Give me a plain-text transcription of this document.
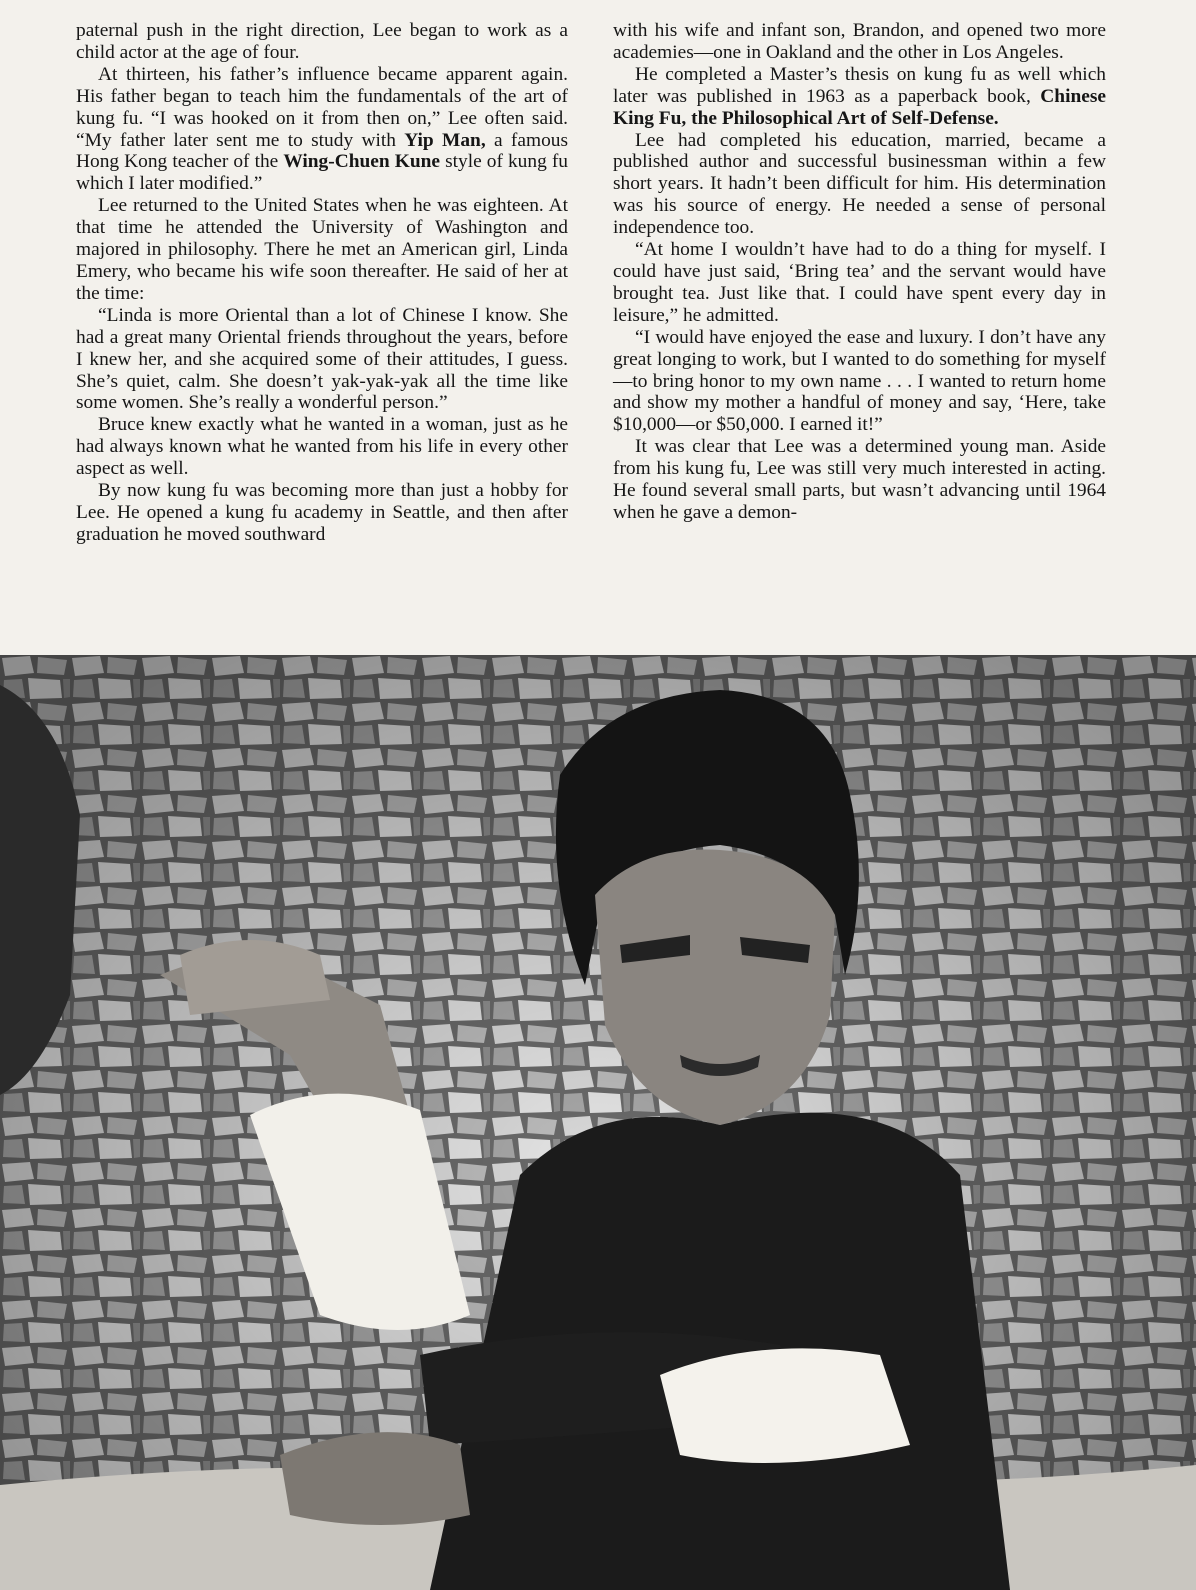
paternal push in the right direction, Lee began to work as a child actor at the age of four.

At thirteen, his father’s influence became apparent again. His father began to teach him the fundamentals of the art of kung fu. “I was hooked on it from then on,” Lee often said. “My father later sent me to study with Yip Man, a famous Hong Kong teacher of the Wing-Chuen Kune style of kung fu which I later modified.”

Lee returned to the United States when he was eighteen. At that time he attended the University of Washington and majored in philosophy. There he met an American girl, Linda Emery, who became his wife soon thereafter. He said of her at the time:

“Linda is more Oriental than a lot of Chinese I know. She had a great many Oriental friends throughout the years, before I knew her, and she acquired some of their attitudes, I guess. She’s quiet, calm. She doesn’t yak-yak-yak all the time like some women. She’s really a wonderful person.”

Bruce knew exactly what he wanted in a woman, just as he had always known what he wanted from his life in every other aspect as well.

By now kung fu was becoming more than just a hobby for Lee. He opened a kung fu academy in Seattle, and then after graduation he moved southward

with his wife and infant son, Brandon, and opened two more academies—one in Oakland and the other in Los Angeles.

He completed a Master’s thesis on kung fu as well which later was published in 1963 as a paperback book, Chinese King Fu, the Philosophical Art of Self-Defense.

Lee had completed his education, married, became a published author and successful businessman within a few short years. It hadn’t been difficult for him. His determination was his source of energy. He needed a sense of personal independence too.

“At home I wouldn’t have had to do a thing for myself. I could have just said, ‘Bring tea’ and the servant would have brought tea. Just like that. I could have spent every day in leisure,” he admitted.

“I would have enjoyed the ease and luxury. I don’t have any great longing to work, but I wanted to do something for myself—to bring honor to my own name . . . I wanted to return home and show my mother a handful of money and say, ‘Here, take $10,000—or $50,000. I earned it!”

It was clear that Lee was a determined young man. Aside from his kung fu, Lee was still very much interested in acting. He found several small parts, but wasn’t advancing until 1964 when he gave a demon-
